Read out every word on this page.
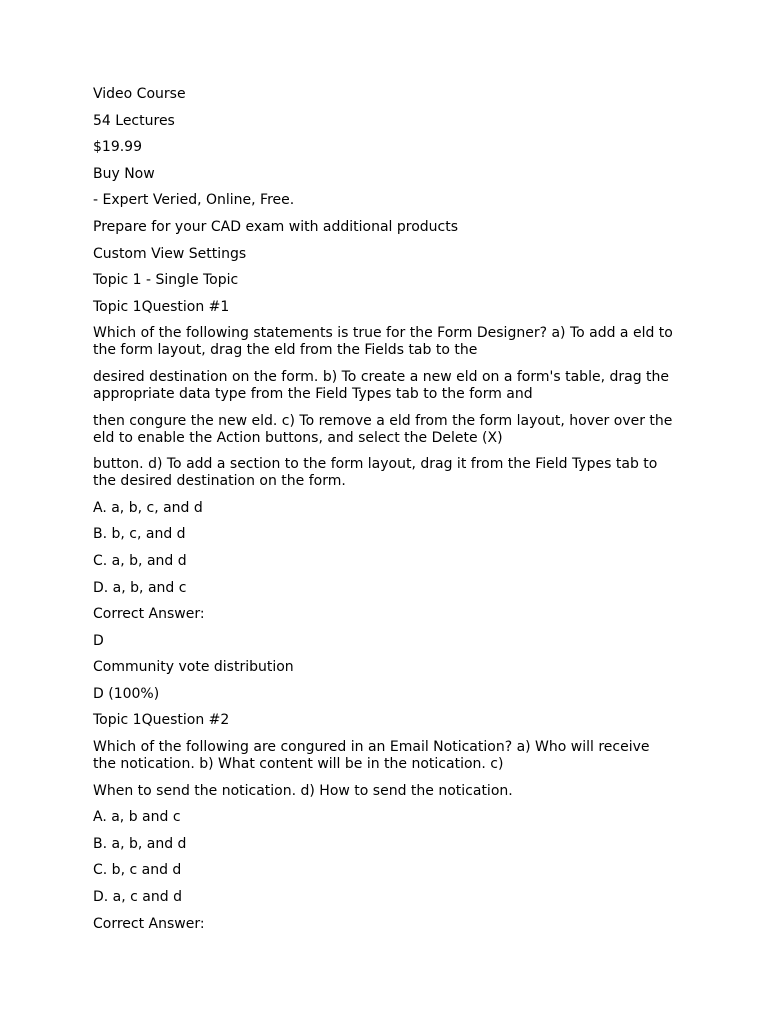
Video Course

54 Lectures

$19.99

Buy Now

- Expert Veried, Online, Free.

Prepare for your CAD exam with additional products

Custom View Settings

Topic 1 - Single Topic

Topic 1Question #1

Which of the following statements is true for the Form Designer? a) To add a eld to the form layout, drag the eld from the Fields tab to the

desired destination on the form. b) To create a new eld on a form's table, drag the appropriate data type from the Field Types tab to the form and

then congure the new eld. c) To remove a eld from the form layout, hover over the eld to enable the Action buttons, and select the Delete (X)

button. d) To add a section to the form layout, drag it from the Field Types tab to the desired destination on the form.

A. a, b, c, and d

B. b, c, and d

C. a, b, and d

D. a, b, and c

Correct Answer:

D

Community vote distribution

D (100%)

Topic 1Question #2

Which of the following are congured in an Email Notication? a) Who will receive the notication. b) What content will be in the notication. c)

When to send the notication. d) How to send the notication.

A. a, b and c

B. a, b, and d

C. b, c and d

D. a, c and d

Correct Answer:
